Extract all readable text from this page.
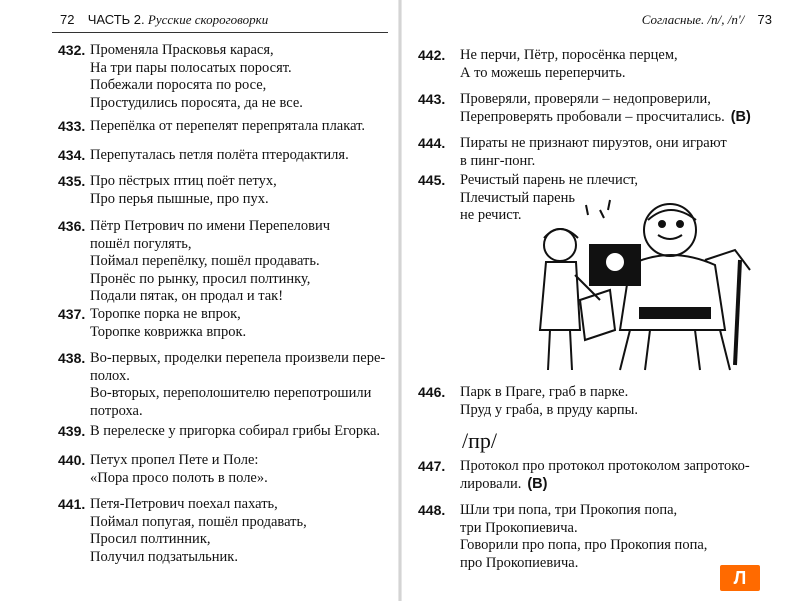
72 ЧАСТЬ 2. Русские скороговорки
432. Променяла Прасковья карася,
На три пары полосатых поросят.
Побежали поросята по росе,
Простудились поросята, да не все.
433. Перепёлка от перепелят перепрятала плакат.
434. Перепуталась петля полёта птеродактиля.
435. Про пёстрых птиц поёт петух,
Про перья пышные, про пух.
436. Пётр Петрович по имени Перепелович
пошёл погулять,
Поймал перепёлку, пошёл продавать.
Пронёс по рынку, просил полтинку,
Подали пятак, он продал и так!
437. Торопке порка не впрок,
Торопке коврижка впрок.
438. Во-первых, проделки перепела произвели пере-
полох.
Во-вторых, переполошителю перепотрошили
потроха.
439. В перелеске у пригорка собирал грибы Егорка.
440. Петух пропел Пете и Поле:
«Пора просо полоть в поле».
441. Петя-Петрович поехал пахать,
Поймал попугая, пошёл продавать,
Просил полтинник,
Получил подзатыльник.
Согласные. /п/, /п'/ 73
442. Не перчи, Пётр, поросёнка перцем,
А то можешь переперчить.
443. Проверяли, проверяли – недопроверили,
Перепроверять пробовали – просчитались. (В)
444. Пираты не признают пируэтов, они играют
в пинг-понг.
445. Речистый парень не плечист,
Плечистый парень
не речист.
446. Парк в Праге, граб в парке.
Пруд у граба, в пруду карпы.
447. Протокол про протокол протоколом запротоко-
лировали. (В)
448. Шли три попа, три Прокопия попа,
три Прокопиевича.
Говорили про попа, про Прокопия попа,
про Прокопиевича.
/пр/
Л
